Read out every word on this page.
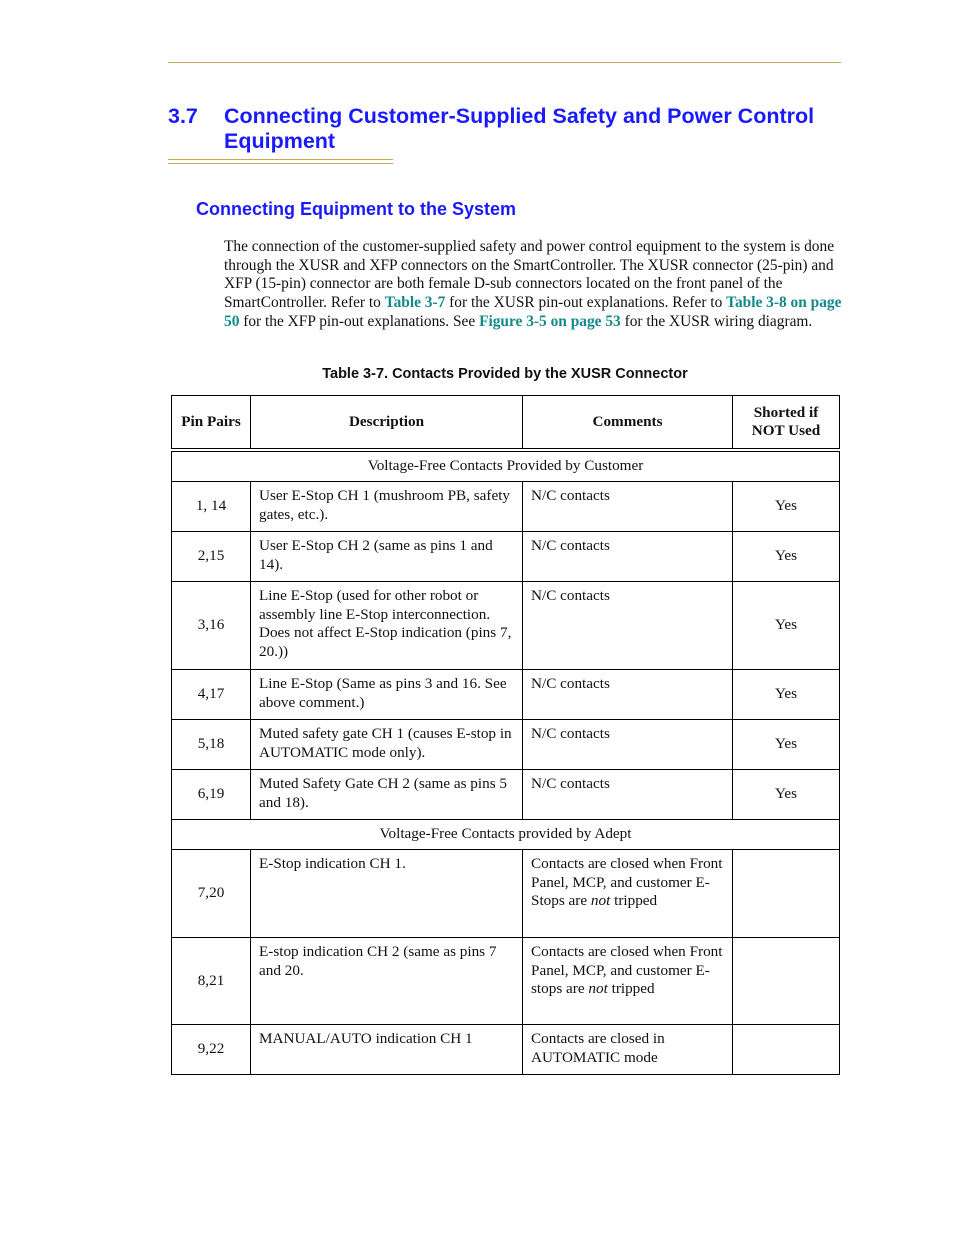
3.7 Connecting Customer-Supplied Safety and Power Control Equipment
Connecting Equipment to the System

The connection of the customer-supplied safety and power control equipment to the system is done through the XUSR and XFP connectors on the SmartController. The XUSR connector (25-pin) and XFP (15-pin) connector are both female D-sub connectors located on the front panel of the SmartController. Refer to Table 3-7 for the XUSR pin-out explanations. Refer to Table 3-8 on page 50 for the XFP pin-out explanations. See Figure 3-5 on page 53 for the XUSR wiring diagram.

Table 3-7. Contacts Provided by the XUSR Connector
Pin Pairs	Description	Comments	Shorted if NOT Used

Voltage-Free Contacts Provided by Customer			
1, 14	User E-Stop CH 1 (mushroom PB, safety gates, etc.).	N/C contacts	Yes
2,15	User E-Stop CH 2 (same as pins 1 and 14).	N/C contacts	Yes
3,16	Line E-Stop (used for other robot or assembly line E-Stop interconnection. Does not affect E-Stop indication (pins 7, 20.))	N/C contacts	Yes
4,17	Line E-Stop (Same as pins 3 and 16. See above comment.)	N/C contacts	Yes
5,18	Muted safety gate CH 1 (causes E-stop in AUTOMATIC mode only).	N/C contacts	Yes
6,19	Muted Safety Gate CH 2 (same as pins 5 and 18).	N/C contacts	Yes
Voltage-Free Contacts provided by Adept			
7,20	E-Stop indication CH 1.	Contacts are closed when Front Panel, MCP, and customer E-Stops are not tripped	
8,21	E-stop indication CH 2 (same as pins 7 and 20.	Contacts are closed when Front Panel, MCP, and customer E-stops are not tripped	
9,22	MANUAL/AUTO indication CH 1	Contacts are closed in AUTOMATIC mode	
